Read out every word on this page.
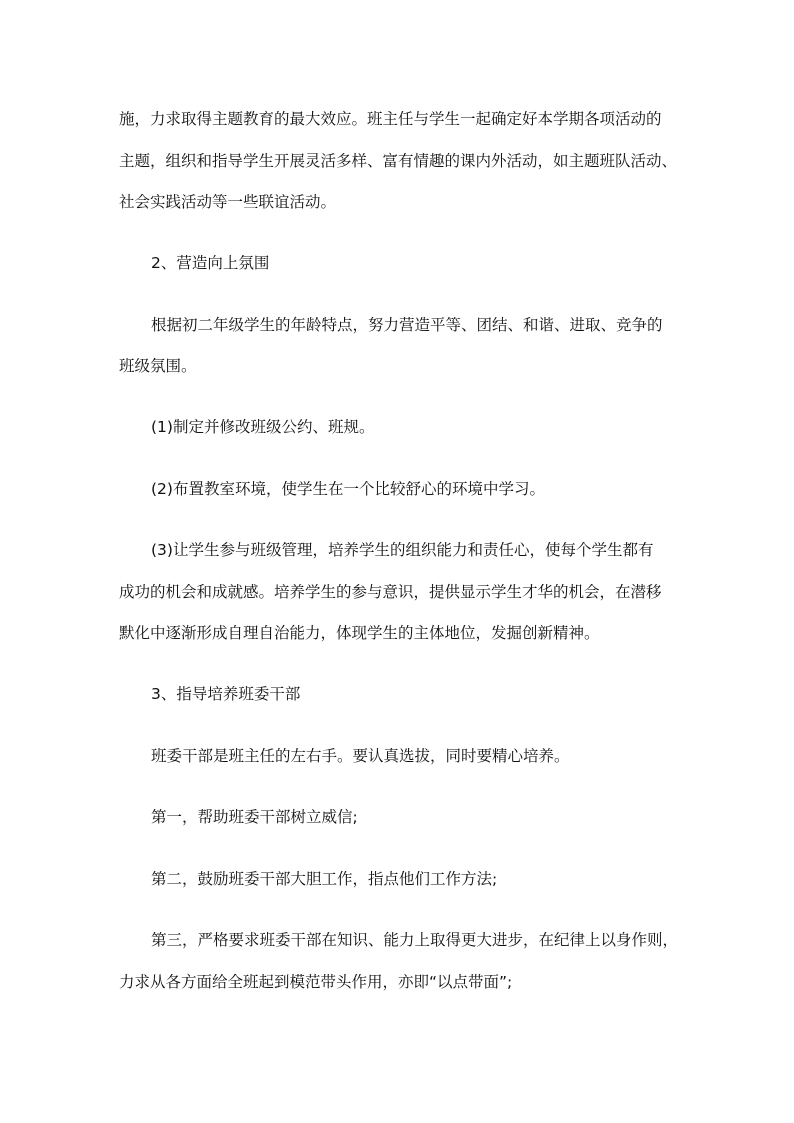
施，力求取得主题教育的最大效应。班主任与学生一起确定好本学期各项活动的
主题，组织和指导学生开展灵活多样、富有情趣的课内外活动，如主题班队活动、
社会实践活动等一些联谊活动。
2、营造向上氛围
根据初二年级学生的年龄特点，努力营造平等、团结、和谐、进取、竞争的
班级氛围。
(1)制定并修改班级公约、班规。
(2)布置教室环境，使学生在一个比较舒心的环境中学习。
(3)让学生参与班级管理，培养学生的组织能力和责任心，使每个学生都有
成功的机会和成就感。培养学生的参与意识，提供显示学生才华的机会，在潜移
默化中逐渐形成自理自治能力，体现学生的主体地位，发掘创新精神。
3、指导培养班委干部
班委干部是班主任的左右手。要认真选拔，同时要精心培养。
第一，帮助班委干部树立威信;
第二，鼓励班委干部大胆工作，指点他们工作方法;
第三，严格要求班委干部在知识、能力上取得更大进步，在纪律上以身作则，
力求从各方面给全班起到模范带头作用，亦即“以点带面”;
